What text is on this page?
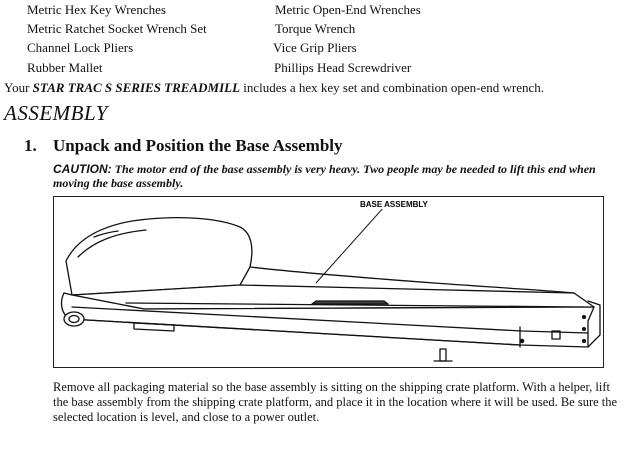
Metric Hex Key Wrenches	Metric Open-End Wrenches
Metric Ratchet Socket Wrench Set	Torque Wrench
Channel Lock Pliers	Vice Grip Pliers
Rubber Mallet	Phillips Head Screwdriver
Your STAR TRAC S SERIES TREADMILL includes a hex key set and combination open-end wrench.
ASSEMBLY
1. Unpack and Position the Base Assembly
CAUTION: The motor end of the base assembly is very heavy. Two people may be needed to lift this end when moving the base assembly.
BASE ASSEMBLY
Remove all packaging material so the base assembly is sitting on the shipping crate platform. With a helper, lift the base assembly from the shipping crate platform, and place it in the location where it will be used. Be sure the selected location is level, and close to a power outlet.
